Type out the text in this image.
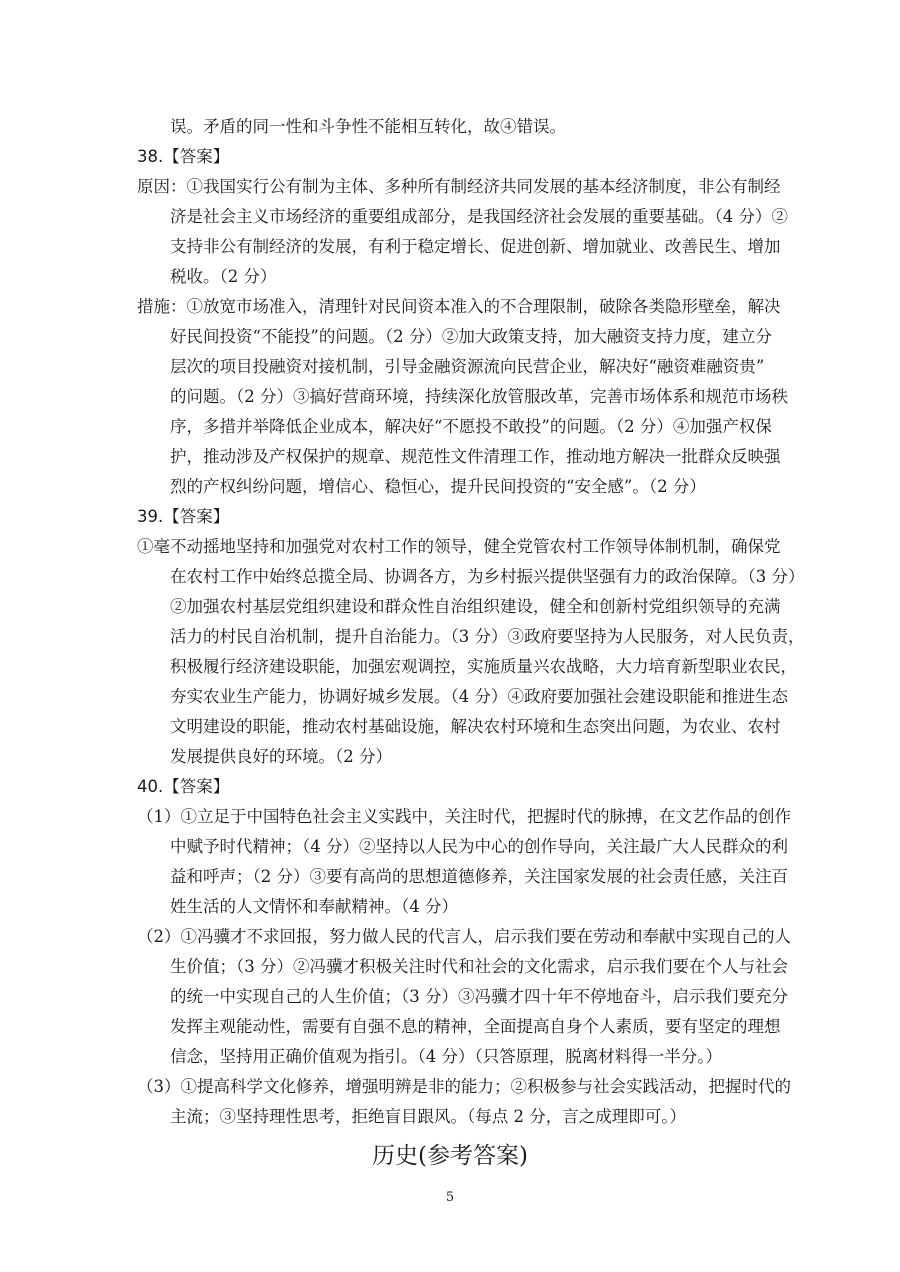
误。矛盾的同一性和斗争性不能相互转化，故④错误。
38.【答案】
原因：①我国实行公有制为主体、多种所有制经济共同发展的基本经济制度，非公有制经
济是社会主义市场经济的重要组成部分，是我国经济社会发展的重要基础。（4 分）②
支持非公有制经济的发展，有利于稳定增长、促进创新、增加就业、改善民生、增加
税收。（2 分）
措施：①放宽市场准入，清理针对民间资本准入的不合理限制，破除各类隐形壁垒，解决
好民间投资“不能投”的问题。（2 分）②加大政策支持，加大融资支持力度，建立分
层次的项目投融资对接机制，引导金融资源流向民营企业，解决好“融资难融资贵”
的问题。（2 分）③搞好营商环境，持续深化放管服改革，完善市场体系和规范市场秩
序，多措并举降低企业成本，解决好“不愿投不敢投”的问题。（2 分）④加强产权保
护，推动涉及产权保护的规章、规范性文件清理工作，推动地方解决一批群众反映强
烈的产权纠纷问题，增信心、稳恒心，提升民间投资的“安全感”。（2 分）
39.【答案】
①毫不动摇地坚持和加强党对农村工作的领导，健全党管农村工作领导体制机制，确保党
在农村工作中始终总揽全局、协调各方，为乡村振兴提供坚强有力的政治保障。（3 分）
②加强农村基层党组织建设和群众性自治组织建设，健全和创新村党组织领导的充满
活力的村民自治机制，提升自治能力。（3 分）③政府要坚持为人民服务，对人民负责，
积极履行经济建设职能，加强宏观调控，实施质量兴农战略，大力培育新型职业农民，
夯实农业生产能力，协调好城乡发展。（4 分）④政府要加强社会建设职能和推进生态
文明建设的职能，推动农村基础设施，解决农村环境和生态突出问题，为农业、农村
发展提供良好的环境。（2 分）
40.【答案】
（1）①立足于中国特色社会主义实践中，关注时代，把握时代的脉搏，在文艺作品的创作
中赋予时代精神；（4 分）②坚持以人民为中心的创作导向，关注最广大人民群众的利
益和呼声；（2 分）③要有高尚的思想道德修养，关注国家发展的社会责任感，关注百
姓生活的人文情怀和奉献精神。（4 分）
（2）①冯骥才不求回报，努力做人民的代言人，启示我们要在劳动和奉献中实现自己的人
生价值；（3 分）②冯骥才积极关注时代和社会的文化需求，启示我们要在个人与社会
的统一中实现自己的人生价值；（3 分）③冯骥才四十年不停地奋斗，启示我们要充分
发挥主观能动性，需要有自强不息的精神，全面提高自身个人素质，要有坚定的理想
信念，坚持用正确价值观为指引。（4 分）（只答原理，脱离材料得一半分。）
（3）①提高科学文化修养，增强明辨是非的能力；②积极参与社会实践活动，把握时代的
主流；③坚持理性思考，拒绝盲目跟风。（每点 2 分，言之成理即可。）
历史(参考答案)
5
